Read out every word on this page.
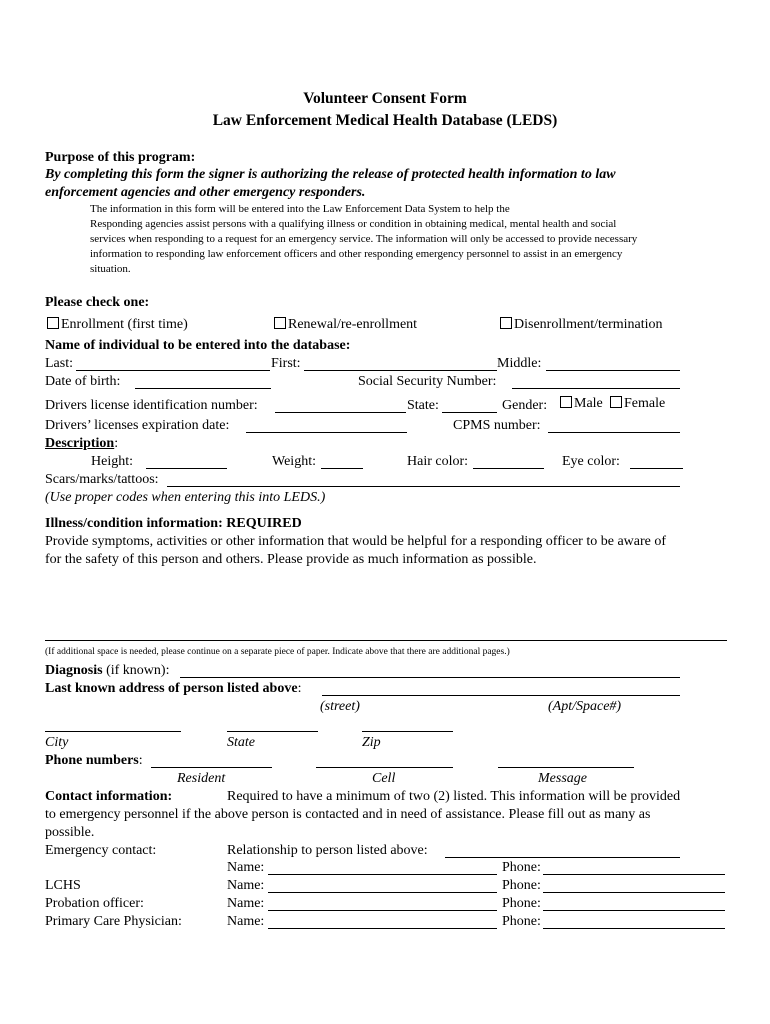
Volunteer Consent Form
Law Enforcement Medical Health Database (LEDS)
Purpose of this program:
By completing this form the signer is authorizing the release of protected health information to law
enforcement agencies and other emergency responders.
The information in this form will be entered into the Law Enforcement Data System to help the
Responding agencies assist persons with a qualifying illness or condition in obtaining medical, mental health and social
services when responding to a request for an emergency service. The information will only be accessed to provide necessary
information to responding law enforcement officers and other responding emergency personnel to assist in an emergency
situation.
Please check one:
Enrollment (first time)	Renewal/re-enrollment	Disenrollment/termination
Name of individual to be entered into the database:
Last:	First:	Middle:
Date of birth:	Social Security Number:
Drivers license identification number:	State:	Gender:	Male	Female
Drivers’ licenses expiration date:	CPMS number:
Description:
Height:	Weight:	Hair color:	Eye color:
Scars/marks/tattoos:
(Use proper codes when entering this into LEDS.)
Illness/condition information: REQUIRED
Provide symptoms, activities or other information that would be helpful for a responding officer to be aware of
for the safety of this person and others. Please provide as much information as possible.
(If additional space is needed, please continue on a separate piece of paper. Indicate above that there are additional pages.)
Diagnosis (if known):
Last known address of person listed above:
(street)	(Apt/Space#)
City	State	Zip
Phone numbers:
Resident	Cell	Message
Contact information:	Required to have a minimum of two (2) listed. This information will be provided
to emergency personnel if the above person is contacted and in need of assistance. Please fill out as many as
possible.
Emergency contact:	Relationship to person listed above:
Name:	Phone:
LCHS	Name:	Phone:
Probation officer:	Name:	Phone:
Primary Care Physician:	Name:	Phone:
